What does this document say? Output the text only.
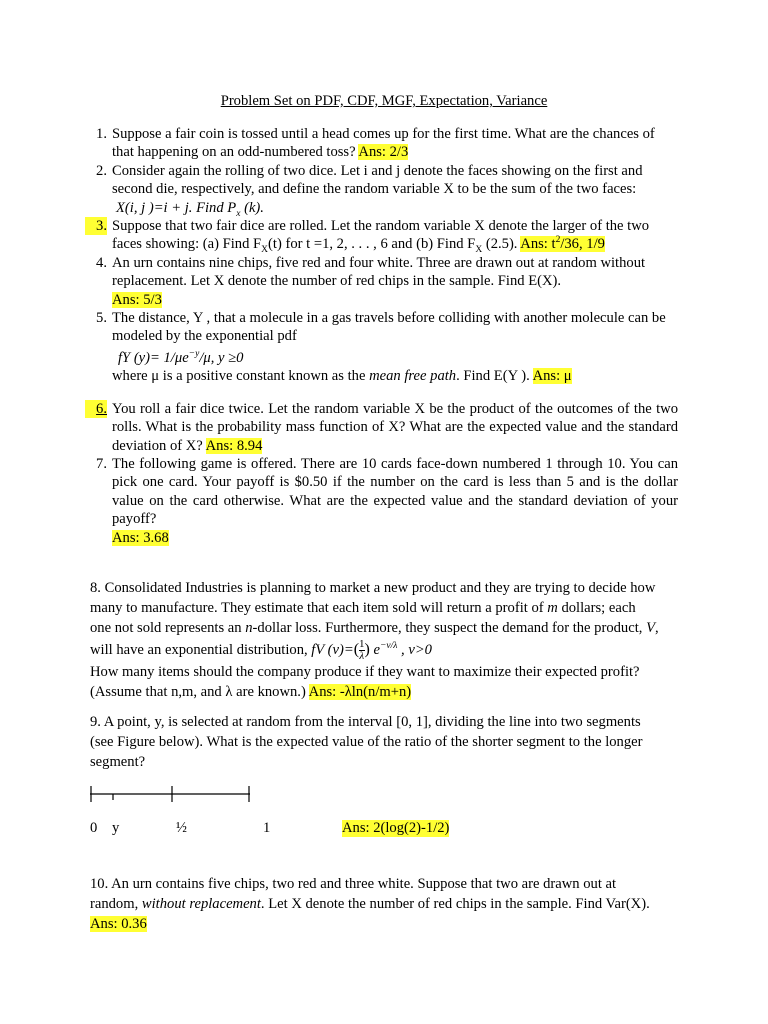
Problem Set on PDF, CDF, MGF, Expectation, Variance
1. Suppose a fair coin is tossed until a head comes up for the first time. What are the chances of that happening on an odd-numbered toss? Ans: 2/3
2. Consider again the rolling of two dice. Let i and j denote the faces showing on the first and second die, respectively, and define the random variable X to be the sum of the two faces:
X(i, j )=i + j. Find $P_x$ (k).
3. Suppose that two fair dice are rolled. Let the random variable X denote the larger of the two faces showing: (a) Find $F_X(t)$ for t =1, 2, . . . , 6 and (b) Find $F_X$ (2.5). Ans: $t^2/36$, 1/9
4. An urn contains nine chips, five red and four white. Three are drawn out at random without replacement. Let X denote the number of red chips in the sample. Find E(X).
Ans: 5/3
5. The distance, Y , that a molecule in a gas travels before colliding with another molecule can be modeled by the exponential pdf
fY $(y)= 1/\mu e^{-y}/\mu$, y ≥0
where μ is a positive constant known as the mean free path. Find E(Y ). Ans: μ
6. You roll a fair dice twice. Let the random variable X be the product of the outcomes of the two rolls. What is the probability mass function of X? What are the expected value and the standard deviation of X? Ans: 8.94
7. The following game is offered. There are 10 cards face-down numbered 1 through 10. You can pick one card. Your payoff is $0.50 if the number on the card is less than 5 and is the dollar value on the card otherwise. What are the expected value and the standard deviation of your payoff?
Ans: 3.68
8. Consolidated Industries is planning to market a new product and they are trying to decide how
many to manufacture. They estimate that each item sold will return a profit of m dollars; each
one not sold represents an n-dollar loss. Furthermore, they suspect the demand for the product, V,
will have an exponential distribution, fV $(v)=( \frac{1}{\lambda}$ ) $e^{-v/\lambda}$ , v>0
How many items should the company produce if they want to maximize their expected profit?
(Assume that n,m, and λ are known.) Ans: -λln(n/m+n)
9. A point, y, is selected at random from the interval [0, 1], dividing the line into two segments
(see Figure below). What is the expected value of the ratio of the shorter segment to the longer
segment?
0 y	½	1	Ans: 2(log(2)-1/2)
10. An urn contains five chips, two red and three white. Suppose that two are drawn out at
random, without replacement. Let X denote the number of red chips in the sample. Find Var(X).
Ans: 0.36
